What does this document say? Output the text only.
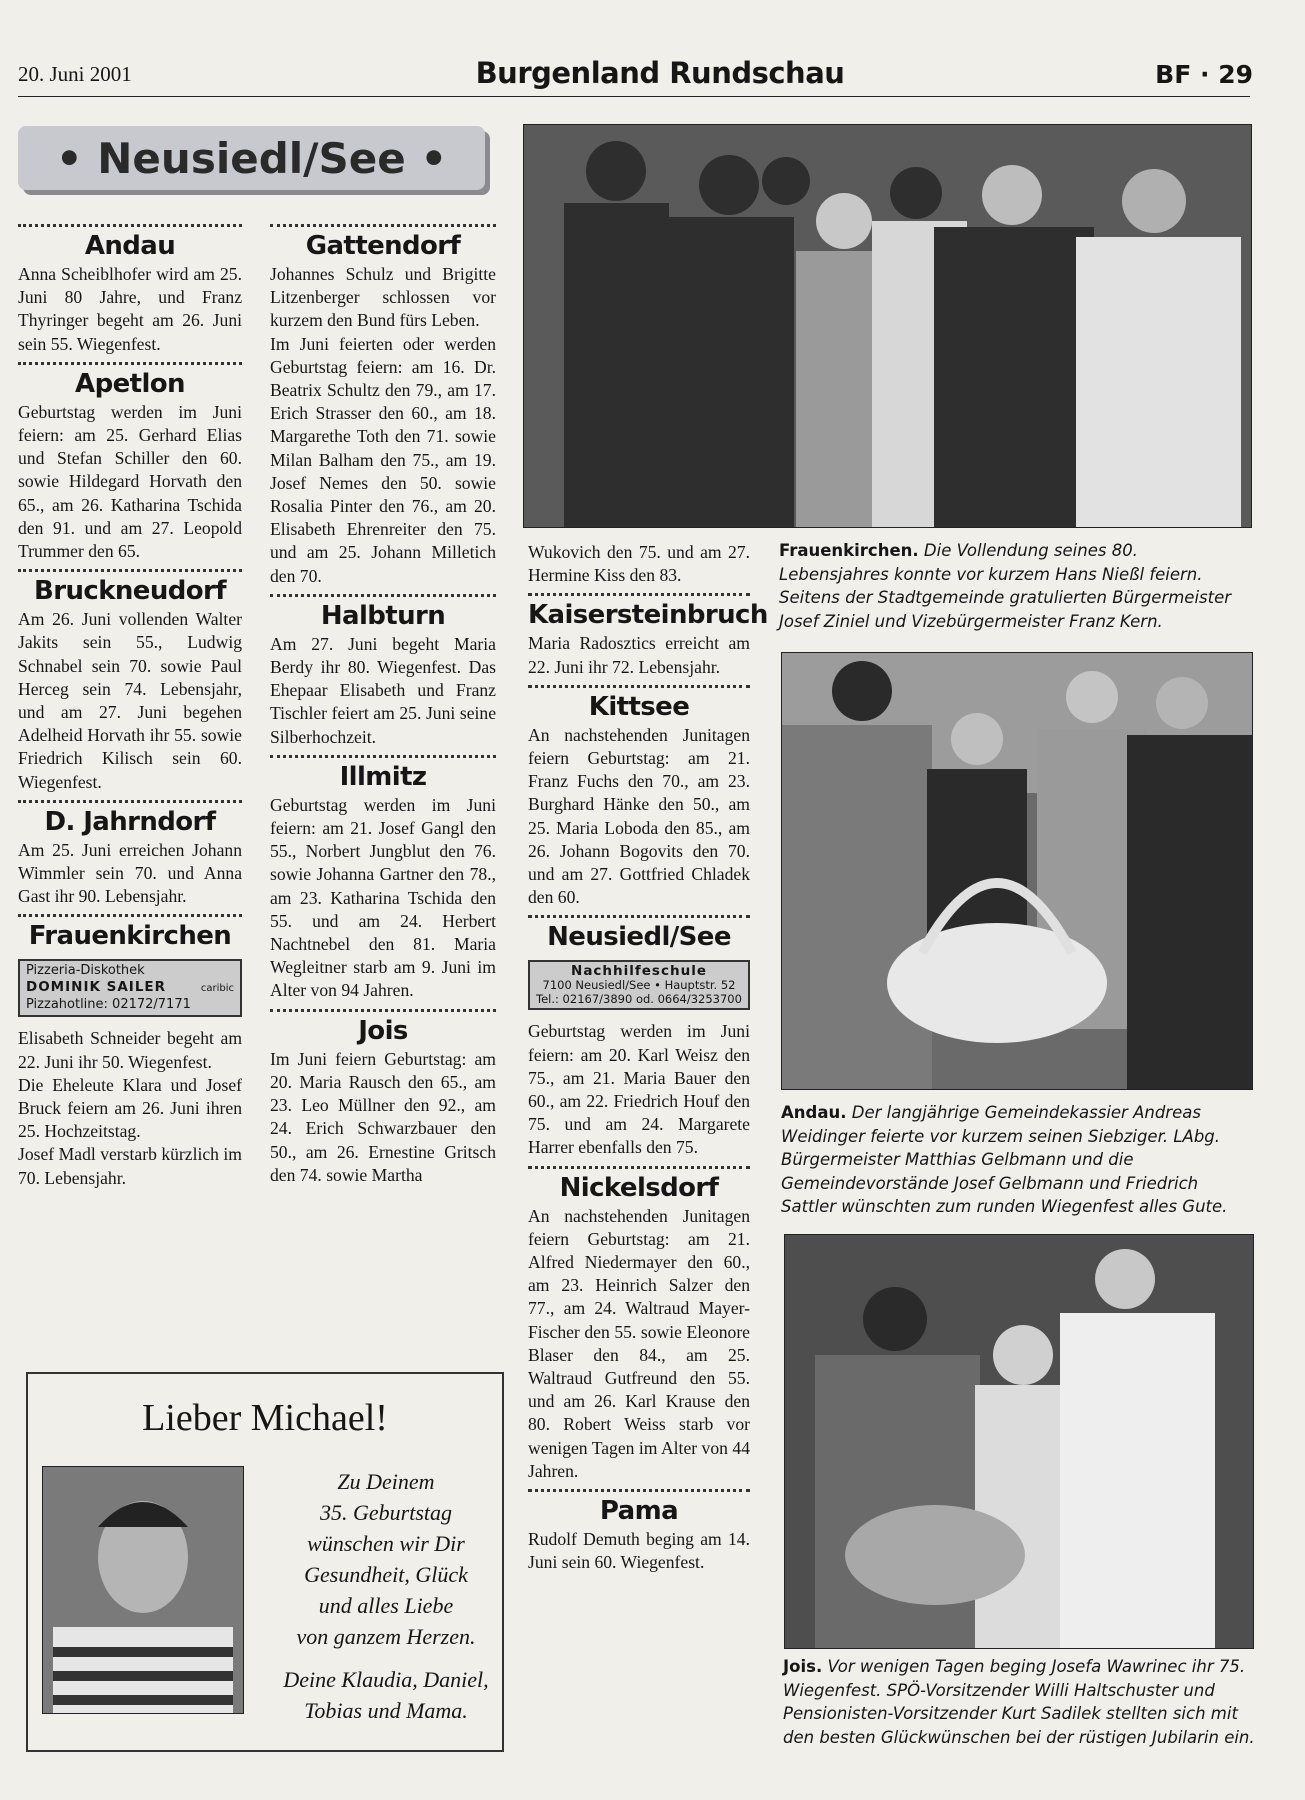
20. Juni 2001	Burgenland Rundschau	BF · 29
• Neusiedl/See •
Andau

Anna Scheiblhofer wird am 25. Juni 80 Jahre, und Franz Thyringer begeht am 26. Juni sein 55. Wiegenfest.

Apetlon

Geburtstag werden im Juni feiern: am 25. Gerhard Elias und Stefan Schiller den 60. sowie Hildegard Horvath den 65., am 26. Katharina Tschida den 91. und am 27. Leopold Trummer den 65.

Bruckneudorf

Am 26. Juni vollenden Walter Jakits sein 55., Ludwig Schnabel sein 70. sowie Paul Herceg sein 74. Lebensjahr, und am 27. Juni begehen Adelheid Horvath ihr 55. sowie Friedrich Kilisch sein 60. Wiegenfest.

D. Jahrndorf

Am 25. Juni erreichen Johann Wimmler sein 70. und Anna Gast ihr 90. Lebensjahr.

Frauenkirchen
Pizzeria-Diskothek
DOMINIK SAILER	caribic
Pizzahotline: 02172/7171

Elisabeth Schneider begeht am 22. Juni ihr 50. Wiegenfest.

Die Eheleute Klara und Josef Bruck feiern am 26. Juni ihren 25. Hochzeitstag.

Josef Madl verstarb kürzlich im 70. Lebensjahr.

Gattendorf

Johannes Schulz und Brigitte Litzenberger schlossen vor kurzem den Bund fürs Leben.

Im Juni feierten oder werden Geburtstag feiern: am 16. Dr. Beatrix Schultz den 79., am 17. Erich Strasser den 60., am 18. Margarethe Toth den 71. sowie Milan Balham den 75., am 19. Josef Nemes den 50. sowie Rosalia Pinter den 76., am 20. Elisabeth Ehrenreiter den 75. und am 25. Johann Milletich den 70.

Halbturn

Am 27. Juni begeht Maria Berdy ihr 80. Wiegenfest. Das Ehepaar Elisabeth und Franz Tischler feiert am 25. Juni seine Silberhochzeit.

Illmitz

Geburtstag werden im Juni feiern: am 21. Josef Gangl den 55., Norbert Jungblut den 76. sowie Johanna Gartner den 78., am 23. Katharina Tschida den 55. und am 24. Herbert Nachtnebel den 81. Maria Wegleitner starb am 9. Juni im Alter von 94 Jahren.

Jois

Im Juni feiern Geburtstag: am 20. Maria Rausch den 65., am 23. Leo Müllner den 92., am 24. Erich Schwarzbauer den 50., am 26. Ernestine Gritsch den 74. sowie Martha

Wukovich den 75. und am 27. Hermine Kiss den 83.

Kaisersteinbruch

Maria Radosztics erreicht am 22. Juni ihr 72. Lebensjahr.

Kittsee

An nachstehenden Junitagen feiern Geburtstag: am 21. Franz Fuchs den 70., am 23. Burghard Hänke den 50., am 25. Maria Loboda den 85., am 26. Johann Bogovits den 70. und am 27. Gottfried Chladek den 60.

Neusiedl/See
Nachhilfeschule
7100 Neusiedl/See • Hauptstr. 52
Tel.: 02167/3890 od. 0664/3253700

Geburtstag werden im Juni feiern: am 20. Karl Weisz den 75., am 21. Maria Bauer den 60., am 22. Friedrich Houf den 75. und am 24. Margarete Harrer ebenfalls den 75.

Nickelsdorf

An nachstehenden Junitagen feiern Geburtstag: am 21. Alfred Niedermayer den 60., am 23. Heinrich Salzer den 77., am 24. Waltraud Mayer-Fischer den 55. sowie Eleonore Blaser den 84., am 25. Waltraud Gutfreund den 55. und am 26. Karl Krause den 80. Robert Weiss starb vor wenigen Tagen im Alter von 44 Jahren.

Pama

Rudolf Demuth beging am 14. Juni sein 60. Wiegenfest.

Frauenkirchen. Die Vollendung seines 80. Lebensjahres konnte vor kurzem Hans Nießl feiern. Seitens der Stadtgemeinde gratulierten Bürgermeister Josef Ziniel und Vizebürgermeister Franz Kern.
Andau. Der langjährige Gemeindekassier Andreas Weidinger feierte vor kurzem seinen Siebziger. LAbg. Bürgermeister Matthias Gelbmann und die Gemeindevorstände Josef Gelbmann und Friedrich Sattler wünschten zum runden Wiegenfest alles Gute.
Jois. Vor wenigen Tagen beging Josefa Wawrinec ihr 75. Wiegenfest. SPÖ-Vorsitzender Willi Haltschuster und Pensionisten-Vorsitzender Kurt Sadilek stellten sich mit den besten Glückwünschen bei der rüstigen Jubilarin ein.
Lieber Michael!
Zu Deinem
35. Geburtstag
wünschen wir Dir
Gesundheit, Glück
und alles Liebe
von ganzem Herzen.
Deine Klaudia, Daniel,
Tobias und Mama.
